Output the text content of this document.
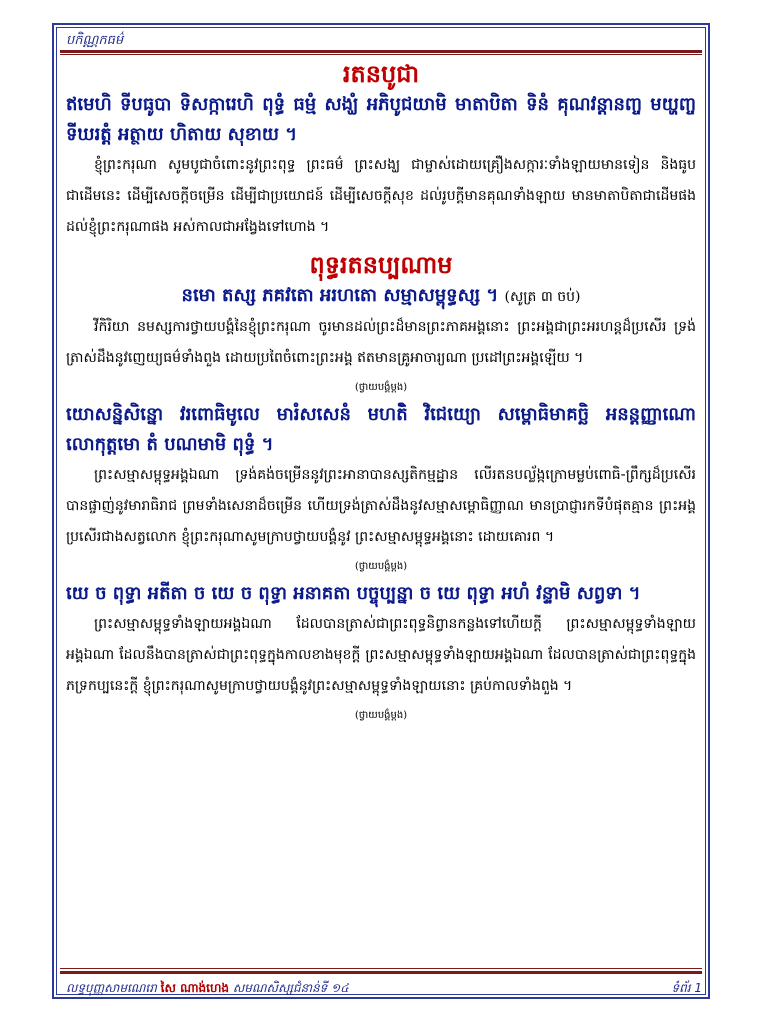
បកិណ្ណកធម៌
រតនបូជា

ឥមេហិ ទីបធូបា ទិសក្ការេហិ ពុទ្ធំ ធម្មំ សង្ឃំ អភិបូជយាមិ មាតាបិតា ទិនំ គុណវន្តានញ្ច មយ្ហញ្ច ទីឃរត្តំ អត្ថាយ ហិតាយ សុខាយ ។

ខ្ញុំព្រះករុណា សូមបូជាចំពោះនូវព្រះពុទ្ធ ព្រះធម៌ ព្រះសង្ឃ ជាម្ចាស់ដោយគ្រឿងសក្ការៈទាំងឡាយមានទៀន និងធូបជាដើមនេះ ដើម្បីសេចក្ដីចម្រើន ដើម្បីជាប្រយោជន៍ ដើម្បីសេចក្ដីសុខ ដល់រូបក្ដីមានគុណទាំងឡាយ មានមាតាបិតាជាដើមផង ដល់ខ្ញុំព្រះករុណាផង អស់កាលជាអង្វែងទៅហោង ។

ពុទ្ធរតនប្បណាម

នមោ តស្ស ភគវតោ អរហតោ សម្មាសម្ពុទ្ធស្ស ។ (សូត្រ ៣ ចប់)

វីកិរិយា នមស្សការថ្វាយបង្គំនៃខ្ញុំព្រះករុណា ចូរមានដល់ព្រះដ៏មានព្រះភាគអង្គនោះ ព្រះអង្គជាព្រះអរហន្តដ៏ប្រសើរ ទ្រង់ត្រាស់ដឹងនូវញេយ្យធម៌ទាំងពួង ដោយប្រពៃចំពោះព្រះអង្គ ឥតមានគ្រូអាចារ្យណា ប្រដៅព្រះអង្គឡើយ ។

(ថ្វាយបង្គំម្ដង)

យោសន្និសិន្នោ វរពោធិមូលេ មារំសសេនំ មហតិំ វិជេយ្យោ សម្ពោធិមាគច្ឆិ អនន្តញ្ញាណោ លោកុត្តមោ តំ បណមាមិ ពុទ្ធំ ។

ព្រះសម្មាសម្ពុទ្ធអង្គឯណា ទ្រង់គង់ចម្រើននូវព្រះអានាបានស្សតិកម្មដ្ឋាន លើរតនបល្ល័ង្កក្រោមម្លប់ពោធិ-ព្រឹក្សដ៏ប្រសើរ បានផ្ចាញ់នូវមារាធិរាជ ព្រមទាំងសេនាដ៏ចម្រើន ហើយទ្រង់ត្រាស់ដឹងនូវសម្មាសម្ពោធិញ្ញាណ មានប្រាជ្ញារកទីបំផុតគ្មាន ព្រះអង្គប្រសើរជាងសត្វលោក ខ្ញុំព្រះករុណាសូមក្រាបថ្វាយបង្គំនូវ ព្រះសម្មាសម្ពុទ្ធអង្គនោះ ដោយគោរព ។

(ថ្វាយបង្គំម្ដង)

យេ ច ពុទ្ធា អតីតា ច យេ ច ពុទ្ធា អនាគតា បច្ចុប្បន្នា ច យេ ពុទ្ធា អហំ វន្ទាមិ សព្វទា ។

ព្រះសម្មាសម្ពុទ្ធទាំងឡាយអង្គឯណា ដែលបានត្រាស់ជាព្រះពុទ្ធនិព្វានកន្លងទៅហើយក្ដី ព្រះសម្មាសម្ពុទ្ធទាំងឡាយអង្គឯណា ដែលនឹងបានត្រាស់ជាព្រះពុទ្ធក្នុងកាលខាងមុខក្ដី ព្រះសម្មាសម្ពុទ្ធទាំងឡាយអង្គឯណា ដែលបានត្រាស់ជាព្រះពុទ្ធក្នុងភទ្រកប្បនេះក្ដី ខ្ញុំព្រះករុណាសូមក្រាបថ្វាយបង្គំនូវព្រះសម្មាសម្ពុទ្ធទាំងឡាយនោះ គ្រប់កាលទាំងពួង ។

(ថ្វាយបង្គំម្ដង)

លទ្ធបុញ្ញសាមណេរោ សៃ ណាង់ហេង សមណសិស្សជំនាន់ទី ១៤	ទំព័រ 1
